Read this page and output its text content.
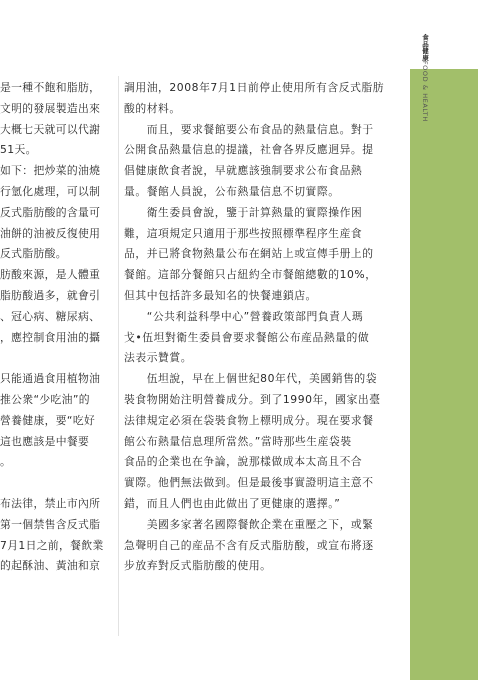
是一種不飽和脂肪，
文明的發展製造出來
大概七天就可以代謝
51天。
如下：把炒菜的油燒
行氫化處理，可以制
反式脂肪酸的含量可
油餅的油被反復使用
反式脂肪酸。
肪酸來源，是人體重
脂肪酸過多，就會引
、冠心病、糖尿病、
，應控制食用油的攝
只能通過食用植物油
推公衆“少吃油”的
營養健康，要“吃好
這也應該是中餐要
。
布法律，禁止市內所
第一個禁售含反式脂
7月1日之前，餐飲業
的起酥油、黃油和京
調用油，2008年7月1日前停止使用所有含反式脂肪
酸的材料。
　　而且，要求餐館要公布食品的熱量信息。對于
公開食品熱量信息的提議，社會各界反應迥异。提
倡健康飲食者說，早就應該強制要求公布食品熱
量。餐館人員說，公布熱量信息不切實際。
　　衛生委員會說，鑒于計算熱量的實際操作困
難，這項規定只適用于那些按照標準程序生産食
品，并已將食物熱量公布在網站上或宣傳手册上的
餐館。這部分餐館只占紐約全市餐館總數的10%，
但其中包括許多最知名的快餐連鎖店。
　　“公共利益科學中心”營養政策部門負責人瑪
戈•伍坦對衛生委員會要求餐館公布産品熱量的做
法表示贊賞。
　　伍坦說，早在上個世紀80年代，美國銷售的袋
裝食物開始注明營養成分。到了1990年，國家出臺
法律規定必須在袋裝食物上標明成分。現在要求餐
館公布熱量信息理所當然。”當時那些生産袋裝
食品的企業也在争論，說那樣做成本太高且不合
實際。他們無法做到。但是最後事實證明這主意不
錯，而且人們也由此做出了更健康的選擇。”
　　美國多家著名國際餐飲企業在重壓之下，或緊
急聲明自己的産品不含有反式脂肪酸，或宣布將逐
步放弃對反式脂肪酸的使用。
食品健康FOOD & HEALTH
